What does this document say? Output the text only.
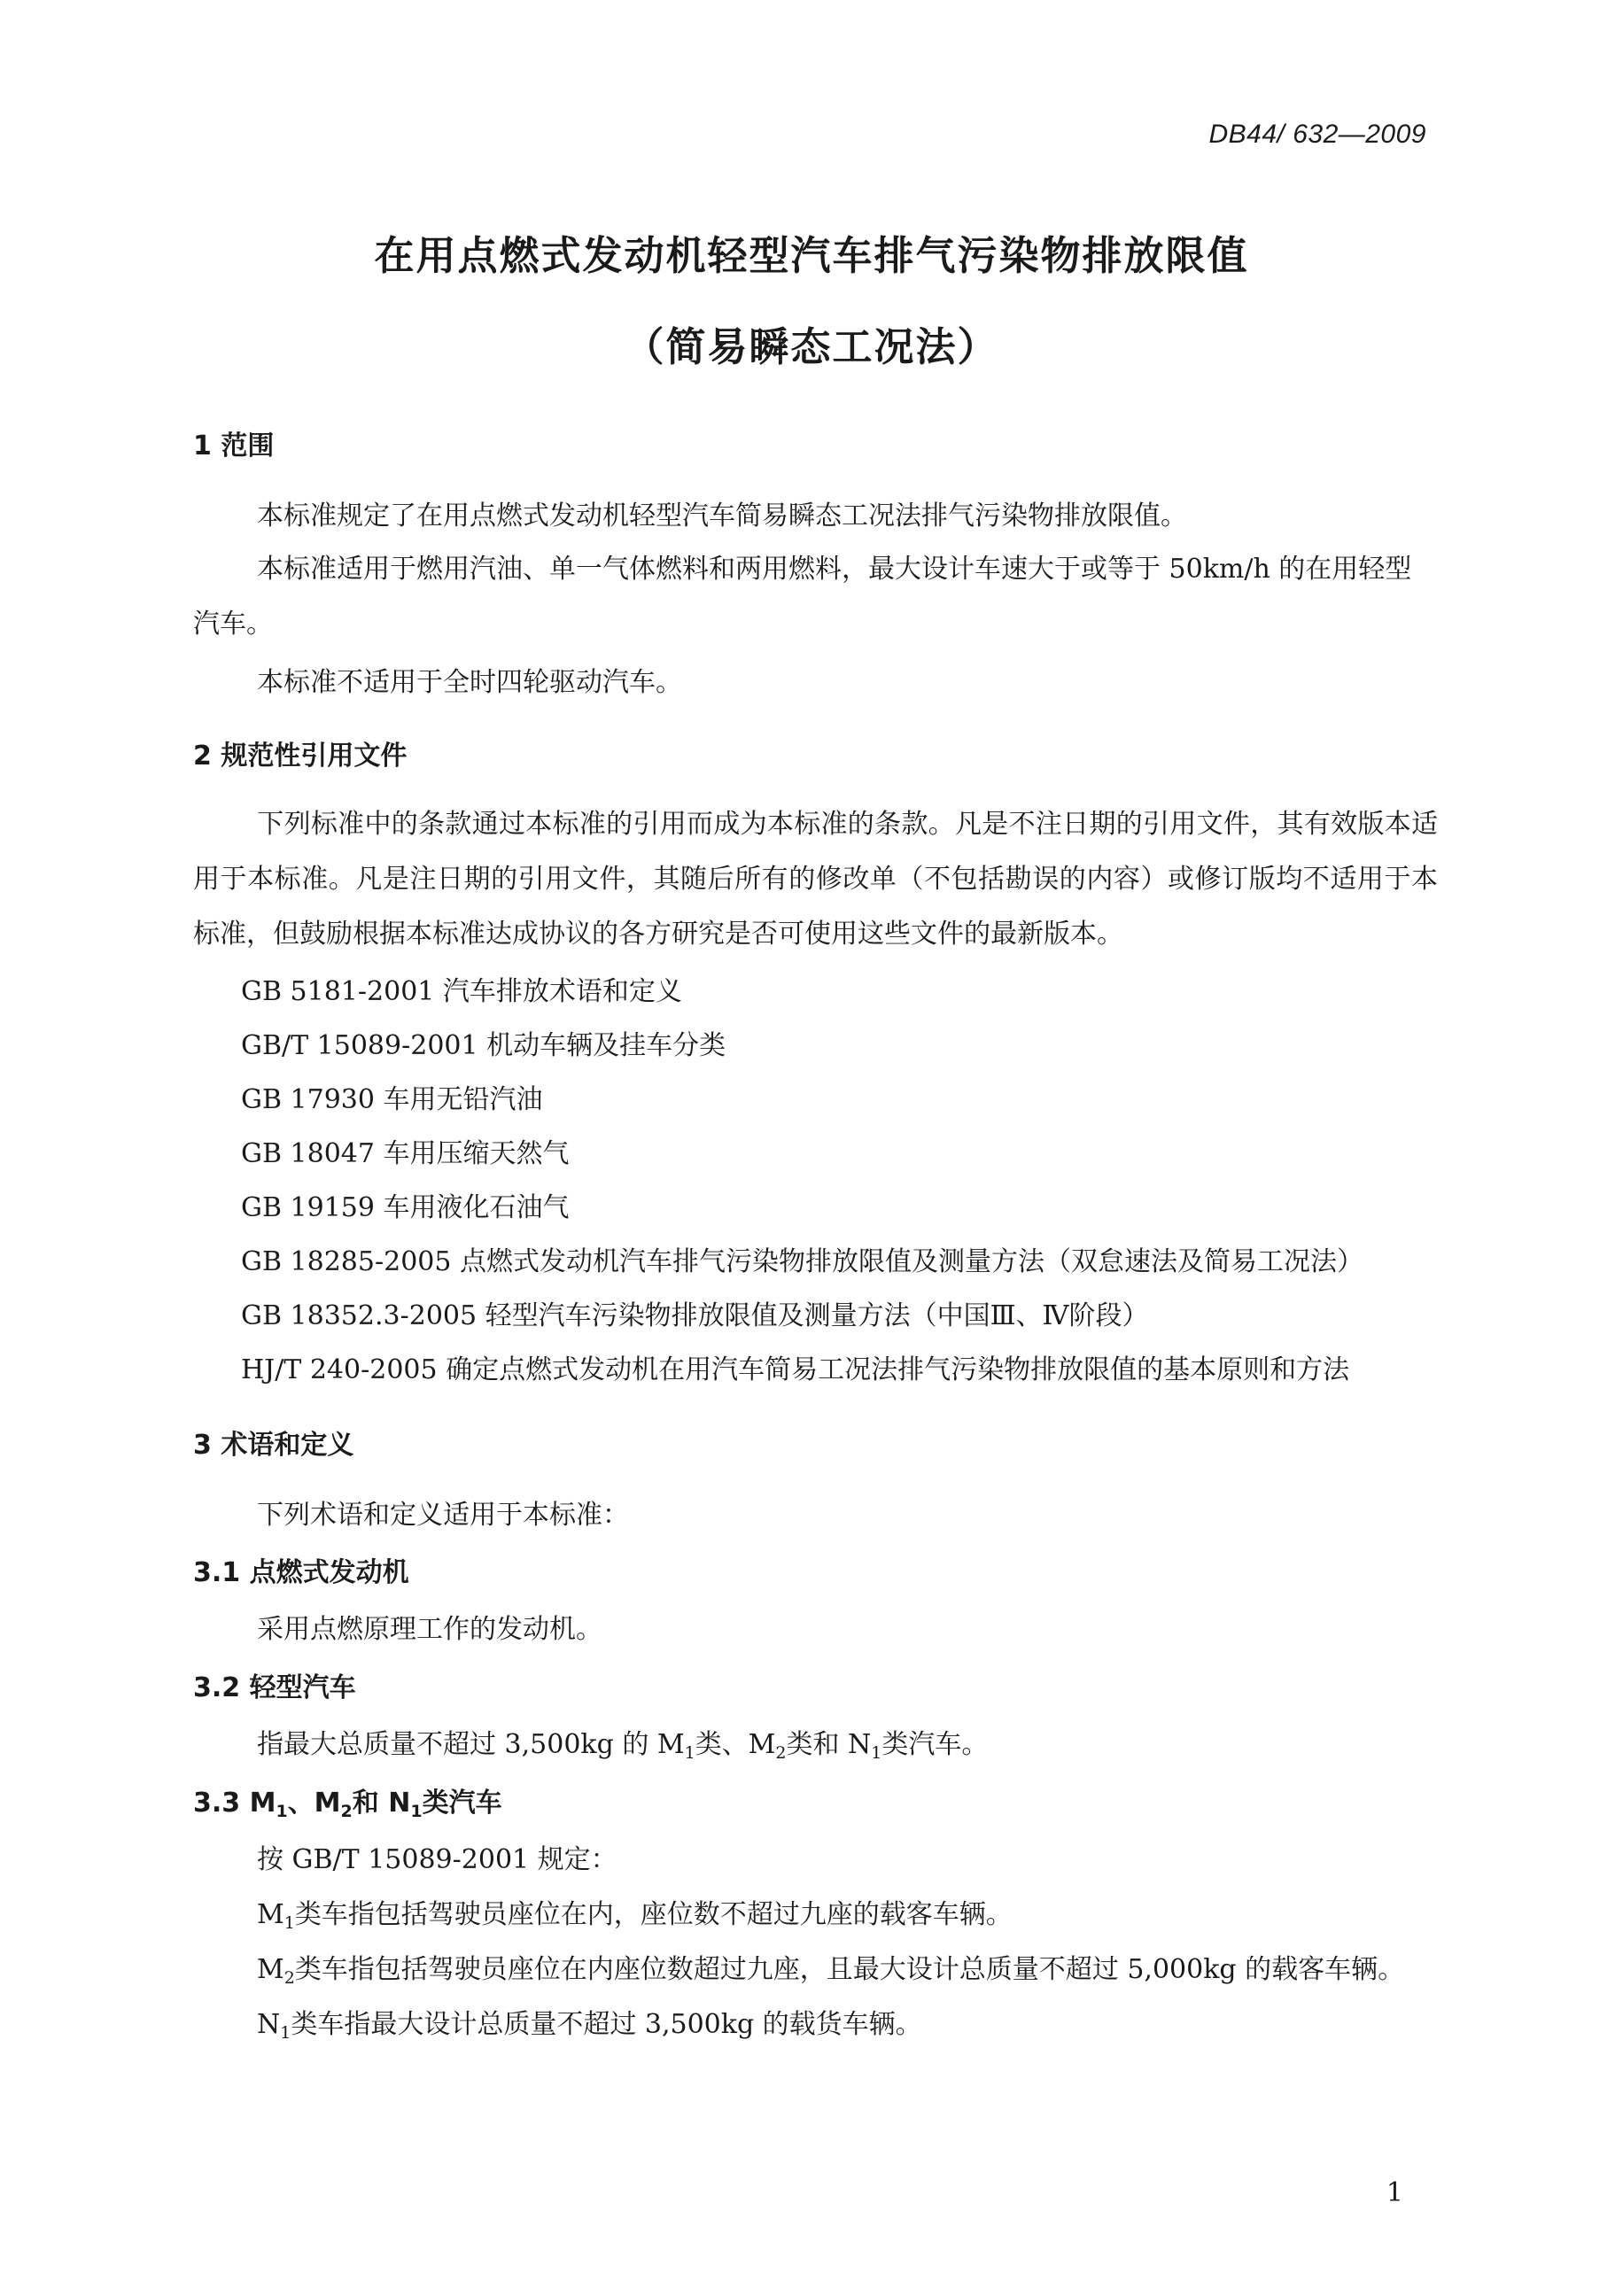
DB44/ 632—2009
在用点燃式发动机轻型汽车排气污染物排放限值
（简易瞬态工况法）
1 范围

本标准规定了在用点燃式发动机轻型汽车简易瞬态工况法排气污染物排放限值。

本标准适用于燃用汽油、单一气体燃料和两用燃料，最大设计车速大于或等于 50km/h 的在用轻型汽车。

本标准不适用于全时四轮驱动汽车。

2 规范性引用文件

下列标准中的条款通过本标准的引用而成为本标准的条款。凡是不注日期的引用文件，其有效版本适用于本标准。凡是注日期的引用文件，其随后所有的修改单（不包括勘误的内容）或修订版均不适用于本标准，但鼓励根据本标准达成协议的各方研究是否可使用这些文件的最新版本。

GB 5181-2001 汽车排放术语和定义
GB/T 15089-2001 机动车辆及挂车分类
GB 17930 车用无铅汽油
GB 18047 车用压缩天然气
GB 19159 车用液化石油气
GB 18285-2005 点燃式发动机汽车排气污染物排放限值及测量方法（双怠速法及简易工况法）
GB 18352.3-2005 轻型汽车污染物排放限值及测量方法（中国Ⅲ、Ⅳ阶段）
HJ/T 240-2005 确定点燃式发动机在用汽车简易工况法排气污染物排放限值的基本原则和方法
3 术语和定义
下列术语和定义适用于本标准：
3.1 点燃式发动机
采用点燃原理工作的发动机。
3.2 轻型汽车
指最大总质量不超过 3,500kg 的 $M_1$类、$M_2$类和 $N_1$类汽车。
3.3 $M_1$、$M_2$和 $N_1$类汽车
按 GB/T 15089-2001 规定：
$M_1$类车指包括驾驶员座位在内，座位数不超过九座的载客车辆。
$M_2$类车指包括驾驶员座位在内座位数超过九座，且最大设计总质量不超过 5,000kg 的载客车辆。
$N_1$类车指最大设计总质量不超过 3,500kg 的载货车辆。
1
